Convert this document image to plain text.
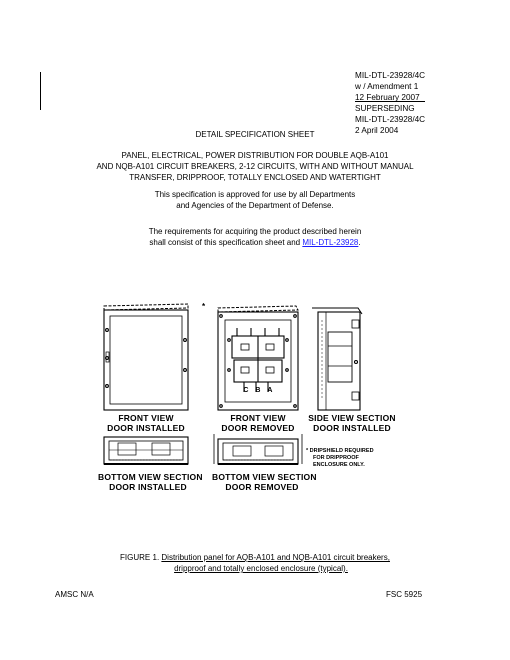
MIL-DTL-23928/4C
w / Amendment 1
12 February 2007
SUPERSEDING
MIL-DTL-23928/4C
2 April 2004
DETAIL SPECIFICATION SHEET
PANEL, ELECTRICAL, POWER DISTRIBUTION FOR DOUBLE AQB-A101
AND NQB-A101 CIRCUIT BREAKERS, 2-12 CIRCUITS, WITH AND WITHOUT MANUAL
TRANSFER, DRIPPROOF, TOTALLY ENCLOSED AND WATERTIGHT
This specification is approved for use by all Departments
and Agencies of the Department of Defense.
The requirements for acquiring the product described herein
shall consist of this specification sheet and MIL-DTL-23928.
*
C B A
FRONT VIEW
DOOR INSTALLED
FRONT VIEW
DOOR REMOVED
SIDE VIEW SECTION
DOOR INSTALLED
* DRIPSHIELD REQUIRED
FOR DRIPPROOF
ENCLOSURE ONLY.
BOTTOM VIEW SECTION
DOOR INSTALLED
BOTTOM VIEW SECTION
DOOR REMOVED
FIGURE 1. Distribution panel for AQB-A101 and NQB-A101 circuit breakers,
dripproof and totally enclosed enclosure (typical).
AMSC N/A	FSC 5925
